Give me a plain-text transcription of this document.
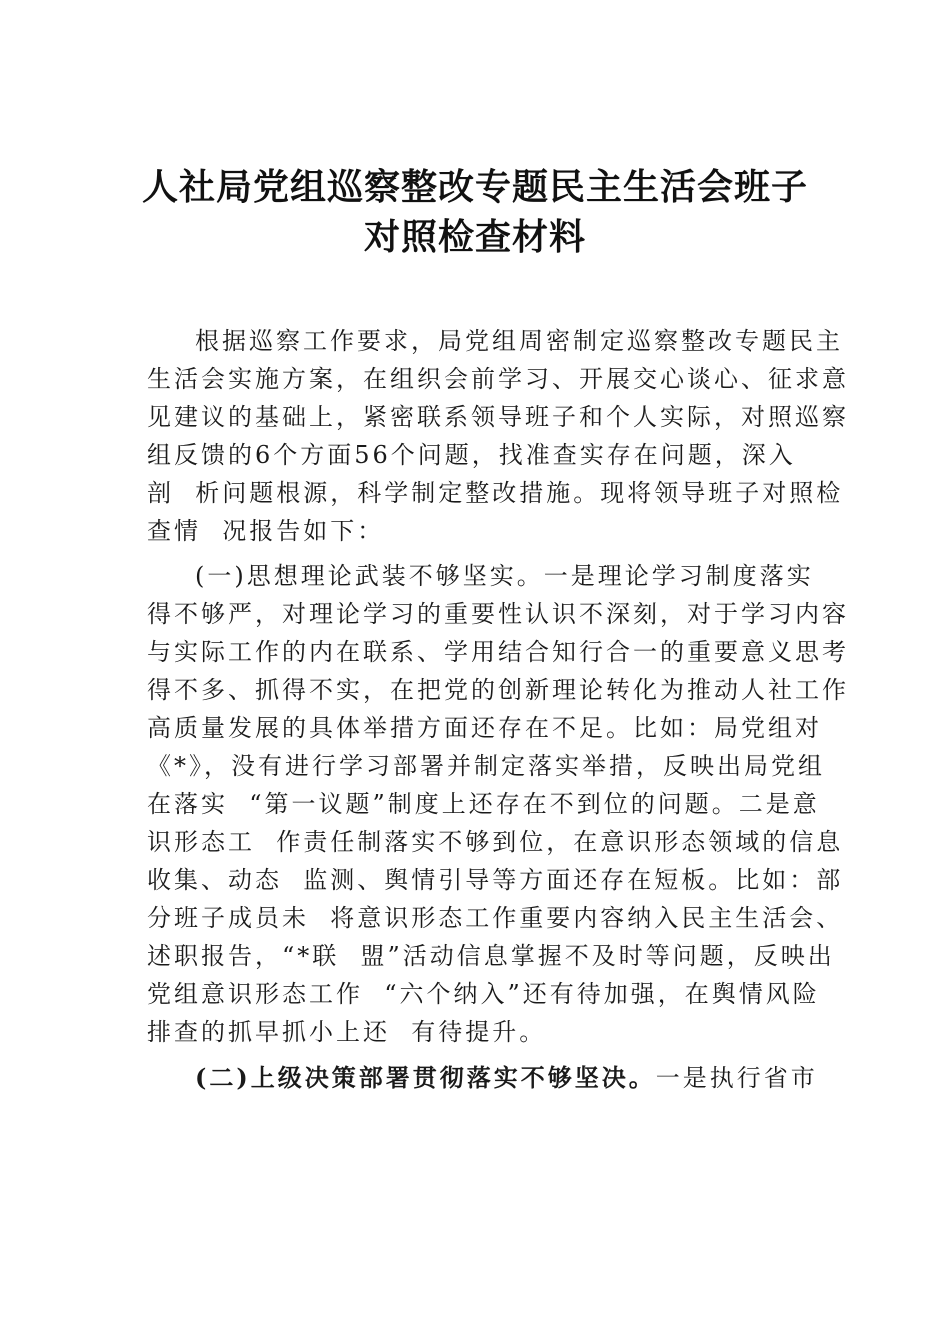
人社局党组巡察整改专题民主生活会班子
对照检查材料

根据巡察工作要求，局党组周密制定巡察整改专题民主

生活会实施方案，在组织会前学习、开展交心谈心、征求意

见建议的基础上，紧密联系领导班子和个人实际，对照巡察

组反馈的6个方面56个问题，找准查实存在问题，深入

剖  析问题根源，科学制定整改措施。现将领导班子对照检

查情  况报告如下：

(一)思想理论武装不够坚实。一是理论学习制度落实

得不够严，对理论学习的重要性认识不深刻，对于学习内容

与实际工作的内在联系、学用结合知行合一的重要意义思考

得不多、抓得不实，在把党的创新理论转化为推动人社工作

高质量发展的具体举措方面还存在不足。比如：局党组对

《*》，没有进行学习部署并制定落实举措，反映出局党组

在落实  “第一议题”制度上还存在不到位的问题。二是意

识形态工  作责任制落实不够到位，在意识形态领域的信息

收集、动态  监测、舆情引导等方面还存在短板。比如：部

分班子成员未  将意识形态工作重要内容纳入民主生活会、

述职报告，“*联  盟”活动信息掌握不及时等问题，反映出

党组意识形态工作  “六个纳入”还有待加强，在舆情风险

排查的抓早抓小上还  有待提升。

(二)上级决策部署贯彻落实不够坚决。一是执行省市
